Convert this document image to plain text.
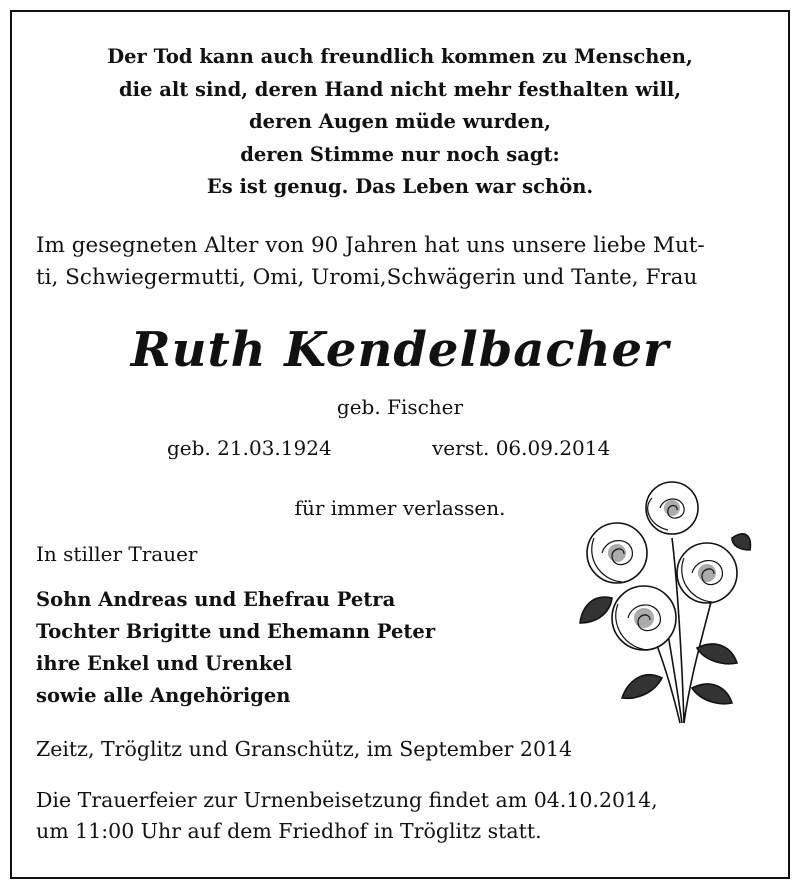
Der Tod kann auch freundlich kommen zu Menschen,
die alt sind, deren Hand nicht mehr festhalten will,
deren Augen müde wurden,
deren Stimme nur noch sagt:
Es ist genug. Das Leben war schön.
Im gesegneten Alter von 90 Jahren hat uns unsere liebe Mut-
ti, Schwiegermutti, Omi, Uromi,Schwägerin und Tante, Frau
Ruth Kendelbacher
geb. Fischer
geb. 21.03.1924	verst. 06.09.2014
für immer verlassen.
In stiller Trauer
Sohn Andreas und Ehefrau Petra
Tochter Brigitte und Ehemann Peter
ihre Enkel und Urenkel
sowie alle Angehörigen
Zeitz, Tröglitz und Granschütz, im September 2014
Die Trauerfeier zur Urnenbeisetzung findet am 04.10.2014,
um 11:00 Uhr auf dem Friedhof in Tröglitz statt.
